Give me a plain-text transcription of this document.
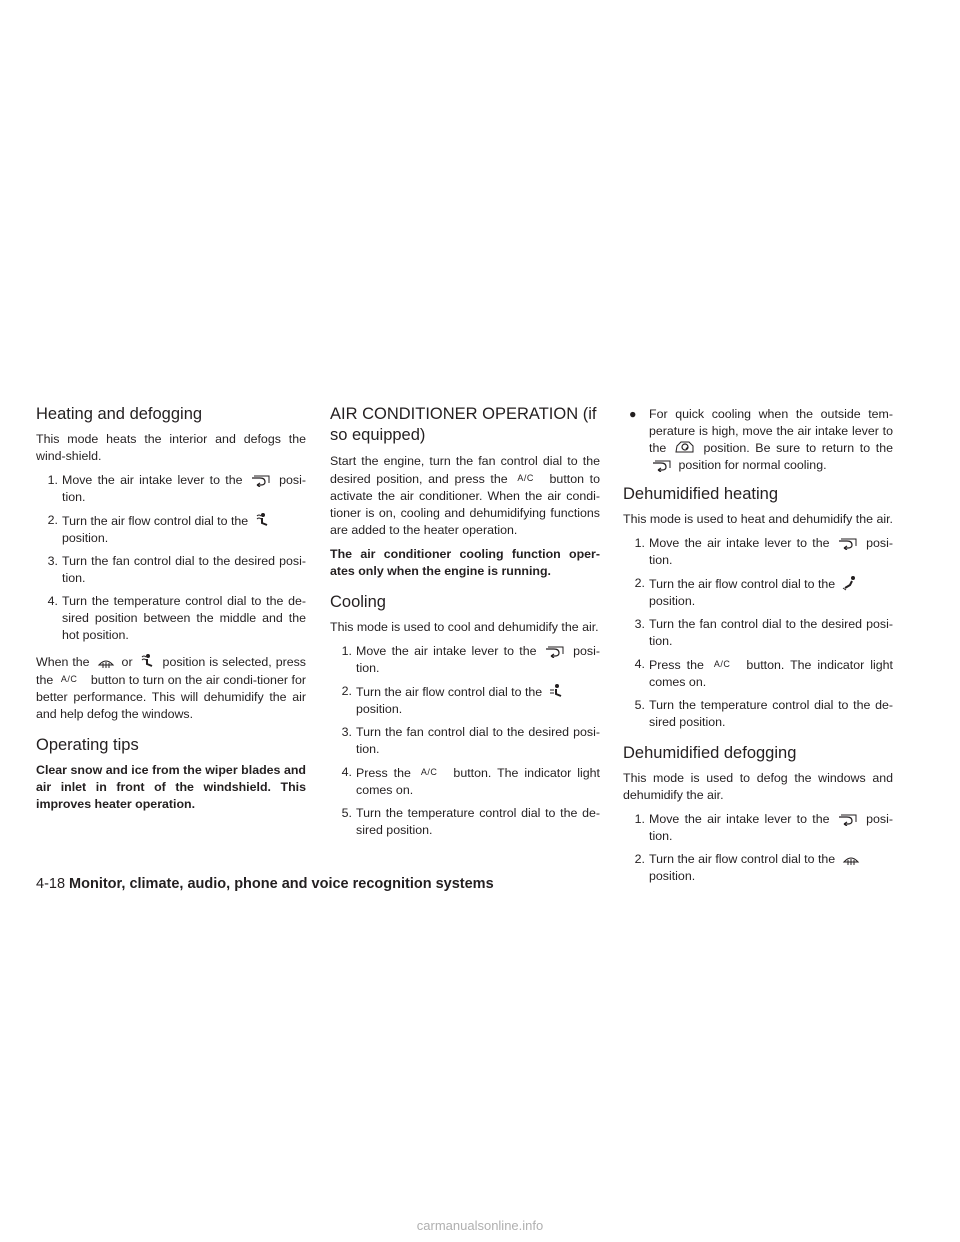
Heating and defogging

This mode heats the interior and defogs the wind-shield.

1. Move the air intake lever to the	posi-tion.
2. Turn the air flow control dial to the
position.
3. Turn the fan control dial to the desired posi-tion.
4. Turn the temperature control dial to the de-sired position between the middle and the hot position.

When the	or position is selected, press the A/C button to turn on the air condi-tioner for better performance. This will dehumidify the air and help defog the windows.

Operating tips

Clear snow and ice from the wiper blades and air inlet in front of the windshield. This improves heater operation.

AIR CONDITIONER OPERATION (if so equipped)

Start the engine, turn the fan control dial to the desired position, and press the A/C button to activate the air conditioner. When the air condi-tioner is on, cooling and dehumidifying functions are added to the heater operation.

The air conditioner cooling function oper-ates only when the engine is running.

Cooling

This mode is used to cool and dehumidify the air.

1. Move the air intake lever to the	posi-tion.
2. Turn the air flow control dial to the
position.
3. Turn the fan control dial to the desired posi-tion.
4. Press the A/C button. The indicator light comes on.
5. Turn the temperature control dial to the de-sired position.
● For quick cooling when the outside tem-perature is high, move the air intake lever to the	position. Be sure to return to the  position for normal cooling.
Dehumidified heating

This mode is used to heat and dehumidify the air.

1. Move the air intake lever to the	posi-tion.
2. Turn the air flow control dial to the
position.
3. Turn the fan control dial to the desired posi-tion.
4. Press the A/C button. The indicator light comes on.
5. Turn the temperature control dial to the de-sired position.
Dehumidified defogging

This mode is used to defog the windows and dehumidify the air.

1. Move the air intake lever to the	posi-tion.
2. Turn the air flow control dial to the
position.
4-18 Monitor, climate, audio, phone and voice recognition systems
carmanualsonline.info
